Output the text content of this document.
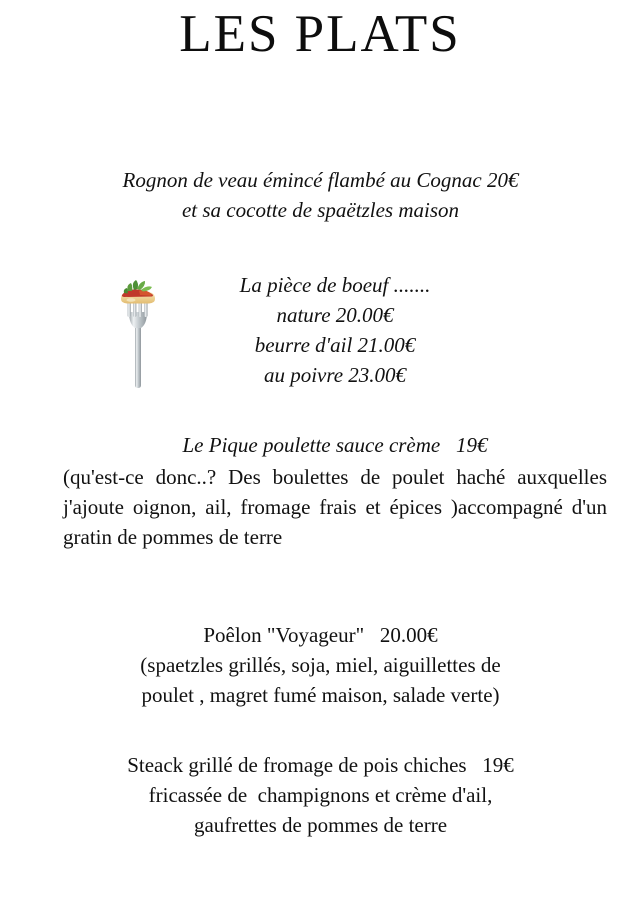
LES PLATS
Rognon de veau émincé flambé au Cognac 20€
et sa cocotte de spaëtzles maison
La pièce de boeuf .......
nature 20.00€
beurre d'ail 21.00€
au poivre 23.00€
Le Pique poulette sauce crème   19€
(qu'est-ce donc..? Des boulettes de poulet haché auxquelles j'ajoute oignon, ail, fromage frais et épices )accompagné d'un gratin de pommes de terre
Poêlon "Voyageur"   20.00€
(spaetzles grillés, soja, miel, aiguillettes de
poulet , magret fumé maison, salade verte)
Steack grillé de fromage de pois chiches   19€
fricassée de  champignons et crème d'ail,
gaufrettes de pommes de terre
